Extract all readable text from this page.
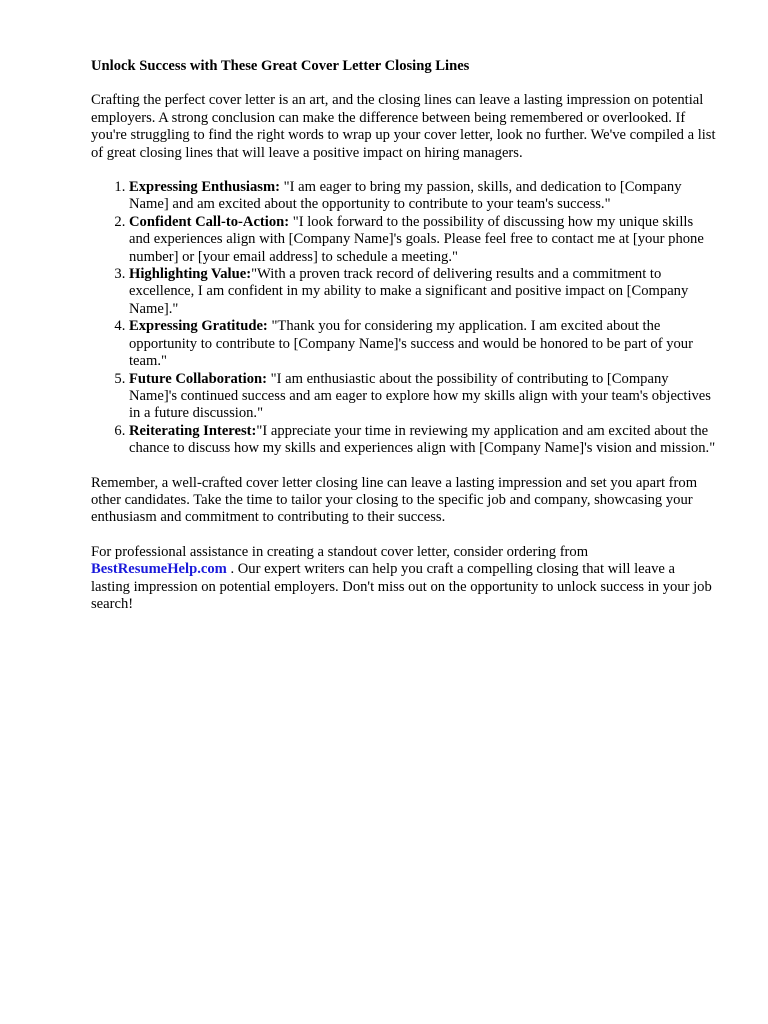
Unlock Success with These Great Cover Letter Closing Lines

Crafting the perfect cover letter is an art, and the closing lines can leave a lasting impression on potential employers. A strong conclusion can make the difference between being remembered or overlooked. If you're struggling to find the right words to wrap up your cover letter, look no further. We've compiled a list of great closing lines that will leave a positive impact on hiring managers.

1. Expressing Enthusiasm: "I am eager to bring my passion, skills, and dedication to [Company Name] and am excited about the opportunity to contribute to your team's success."
2. Confident Call-to-Action: "I look forward to the possibility of discussing how my unique skills and experiences align with [Company Name]'s goals. Please feel free to contact me at [your phone number] or [your email address] to schedule a meeting."
3. Highlighting Value:"With a proven track record of delivering results and a commitment to excellence, I am confident in my ability to make a significant and positive impact on [Company Name]."
4. Expressing Gratitude: "Thank you for considering my application. I am excited about the opportunity to contribute to [Company Name]'s success and would be honored to be part of your team."
5. Future Collaboration: "I am enthusiastic about the possibility of contributing to [Company Name]'s continued success and am eager to explore how my skills align with your team's objectives in a future discussion."
6. Reiterating Interest:"I appreciate your time in reviewing my application and am excited about the chance to discuss how my skills and experiences align with [Company Name]'s vision and mission."

Remember, a well-crafted cover letter closing line can leave a lasting impression and set you apart from other candidates. Take the time to tailor your closing to the specific job and company, showcasing your enthusiasm and commitment to contributing to their success.

For professional assistance in creating a standout cover letter, consider ordering from BestResumeHelp.com . Our expert writers can help you craft a compelling closing that will leave a lasting impression on potential employers. Don't miss out on the opportunity to unlock success in your job search!
